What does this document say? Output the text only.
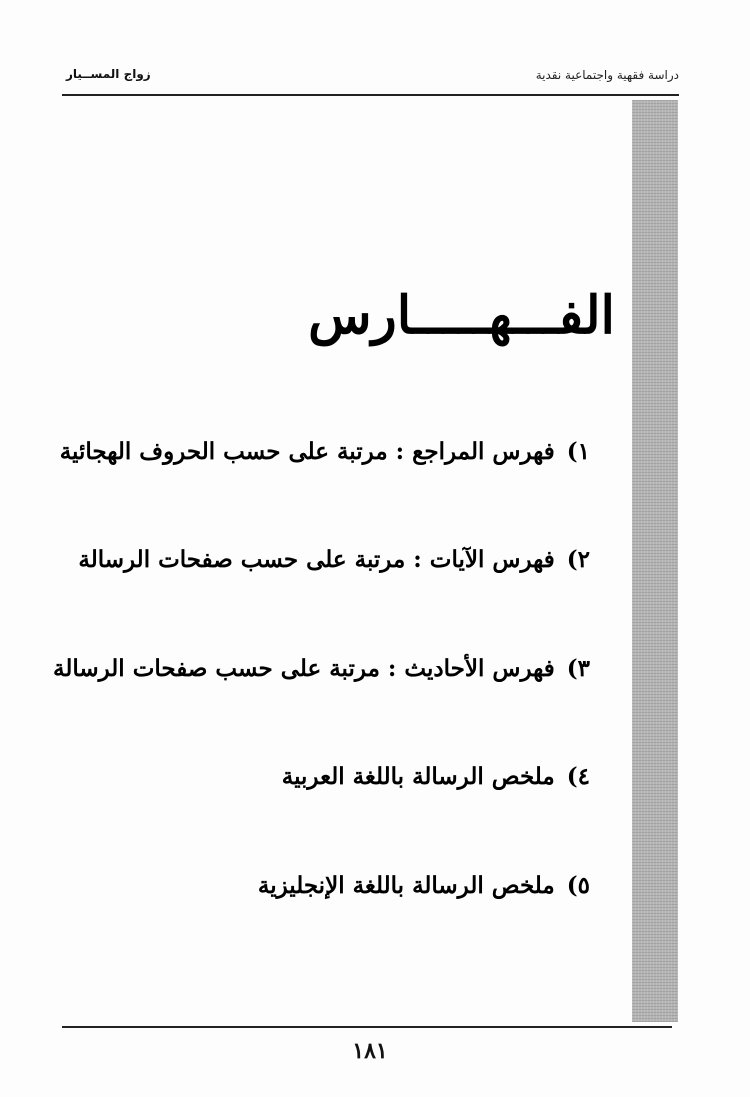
دراسة فقهية واجتماعية نقدية
زواج المســيار
الفـــهـــــارس
١)فهرس المراجع : مرتبة على حسب الحروف الهجائية
٢)فهرس الآيات : مرتبة على حسب صفحات الرسالة
٣)فهرس الأحاديث : مرتبة على حسب صفحات الرسالة
٤)ملخص الرسالة باللغة العربية
٥)ملخص الرسالة باللغة الإنجليزية
١٨١
